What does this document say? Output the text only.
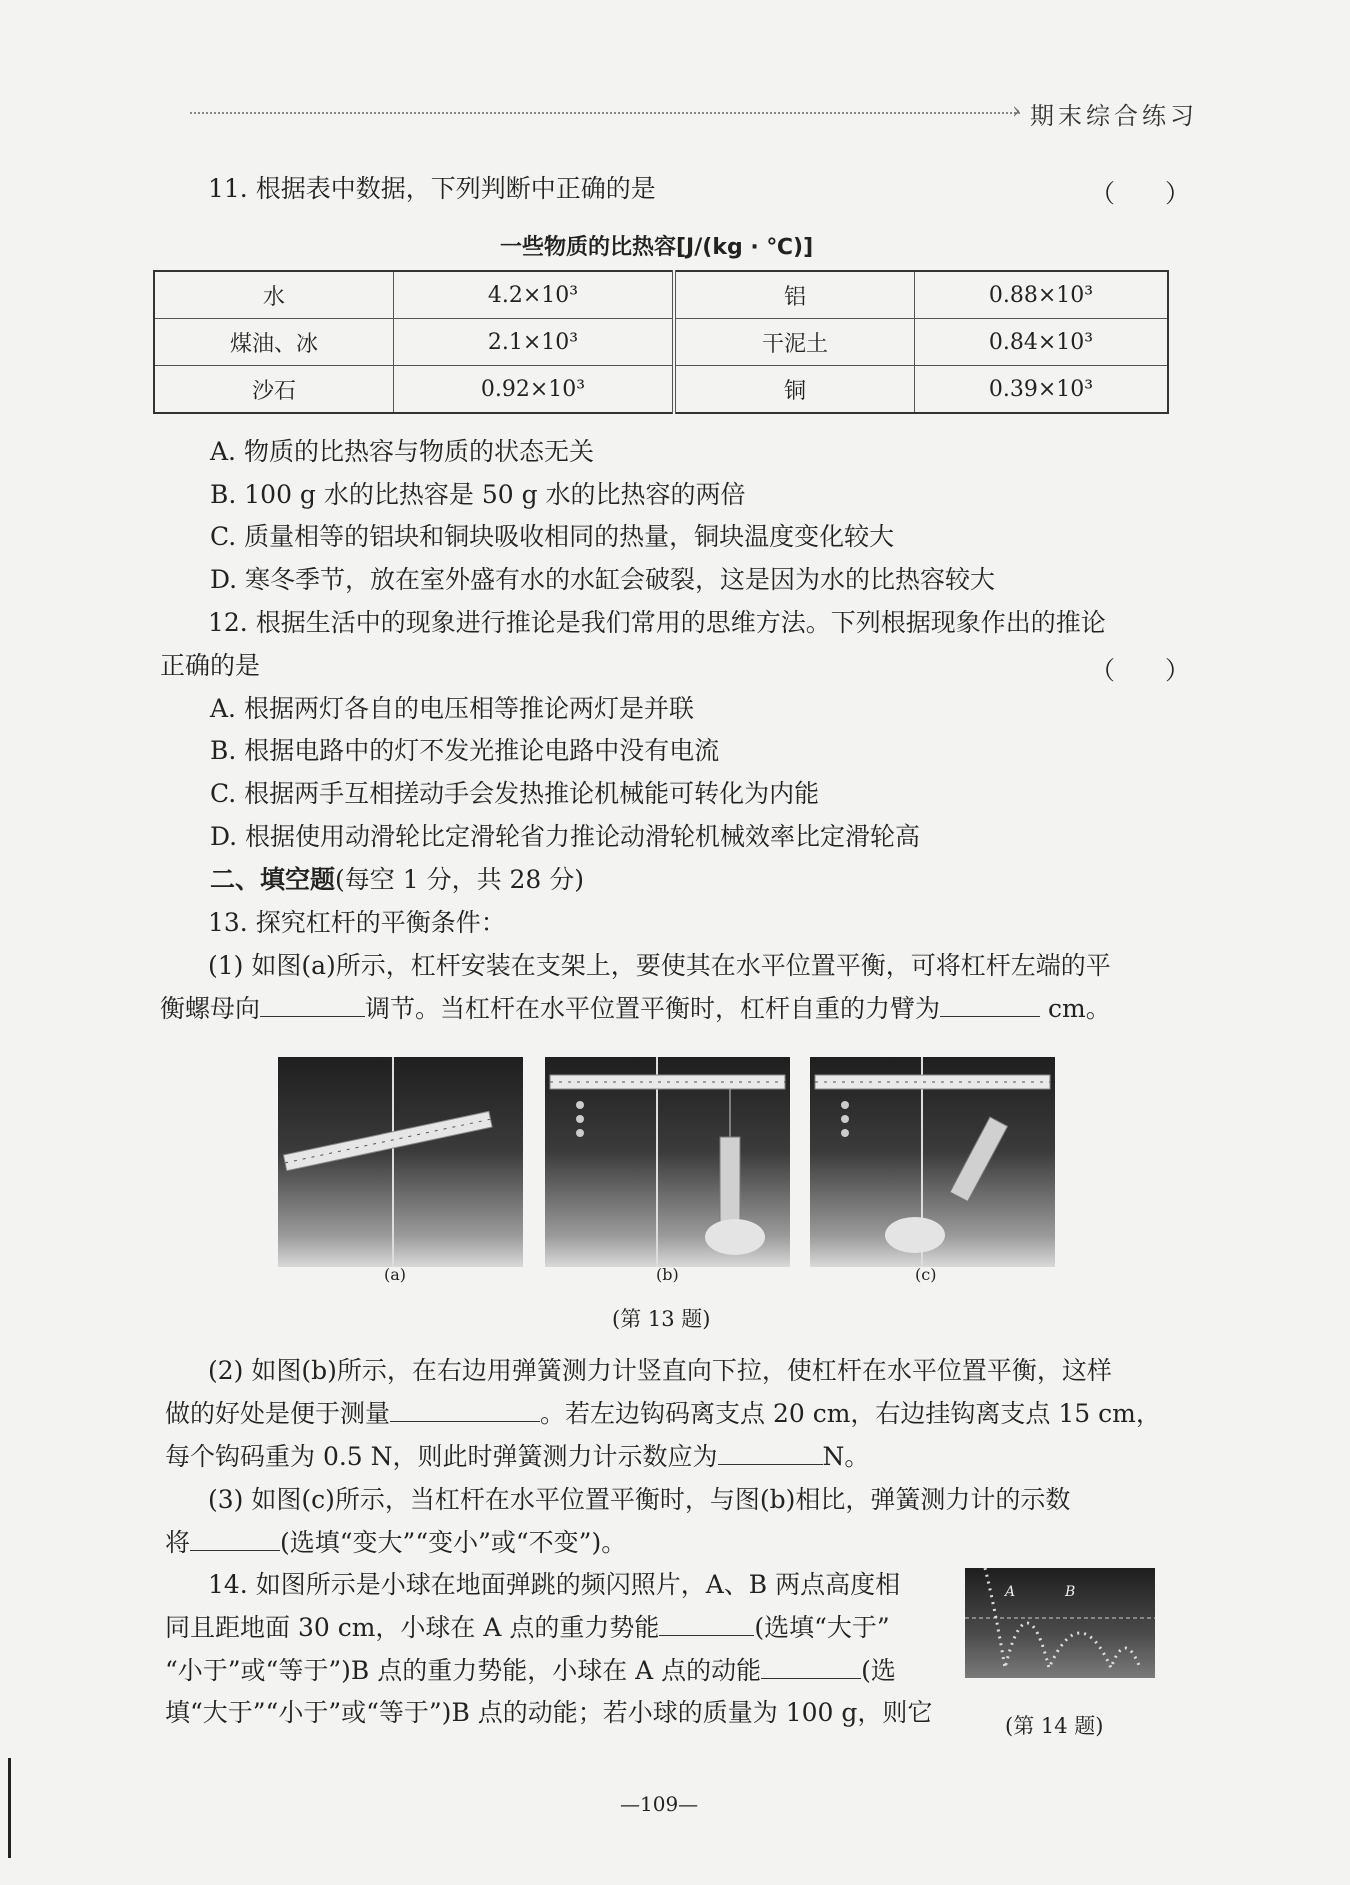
› 期末综合练习
11. 根据表中数据，下列判断中正确的是	（　　）
一些物质的比热容[J/(kg · ℃)]
水	4.2×10³	铝	0.88×10³
煤油、冰	2.1×10³	干泥土	0.84×10³
沙石	0.92×10³	铜	0.39×10³
A. 物质的比热容与物质的状态无关
B. 100 g 水的比热容是 50 g 水的比热容的两倍
C. 质量相等的铝块和铜块吸收相同的热量，铜块温度变化较大
D. 寒冬季节，放在室外盛有水的水缸会破裂，这是因为水的比热容较大
12. 根据生活中的现象进行推论是我们常用的思维方法。下列根据现象作出的推论
正确的是	（　　）
A. 根据两灯各自的电压相等推论两灯是并联
B. 根据电路中的灯不发光推论电路中没有电流
C. 根据两手互相搓动手会发热推论机械能可转化为内能
D. 根据使用动滑轮比定滑轮省力推论动滑轮机械效率比定滑轮高
二、填空题(每空 1 分，共 28 分)
13. 探究杠杆的平衡条件：
(1) 如图(a)所示，杠杆安装在支架上，要使其在水平位置平衡，可将杠杆左端的平
衡螺母向	调节。当杠杆在水平位置平衡时，杠杆自重的力臂为	cm。
(a)	(b)	(c)
(第 13 题)
(2) 如图(b)所示，在右边用弹簧测力计竖直向下拉，使杠杆在水平位置平衡，这样
做的好处是便于测量	。若左边钩码离支点 20 cm，右边挂钩离支点 15 cm，
每个钩码重为 0.5 N，则此时弹簧测力计示数应为	N。
(3) 如图(c)所示，当杠杆在水平位置平衡时，与图(b)相比，弹簧测力计的示数
将	(选填“变大”“变小”或“不变”)。
14. 如图所示是小球在地面弹跳的频闪照片，A、B 两点高度相
同且距地面 30 cm，小球在 A 点的重力势能	(选填“大于”
“小于”或“等于”)B 点的重力势能，小球在 A 点的动能	(选
填“大于”“小于”或“等于”)B 点的动能；若小球的质量为 100 g，则它
A	B
(第 14 题)
—109—
